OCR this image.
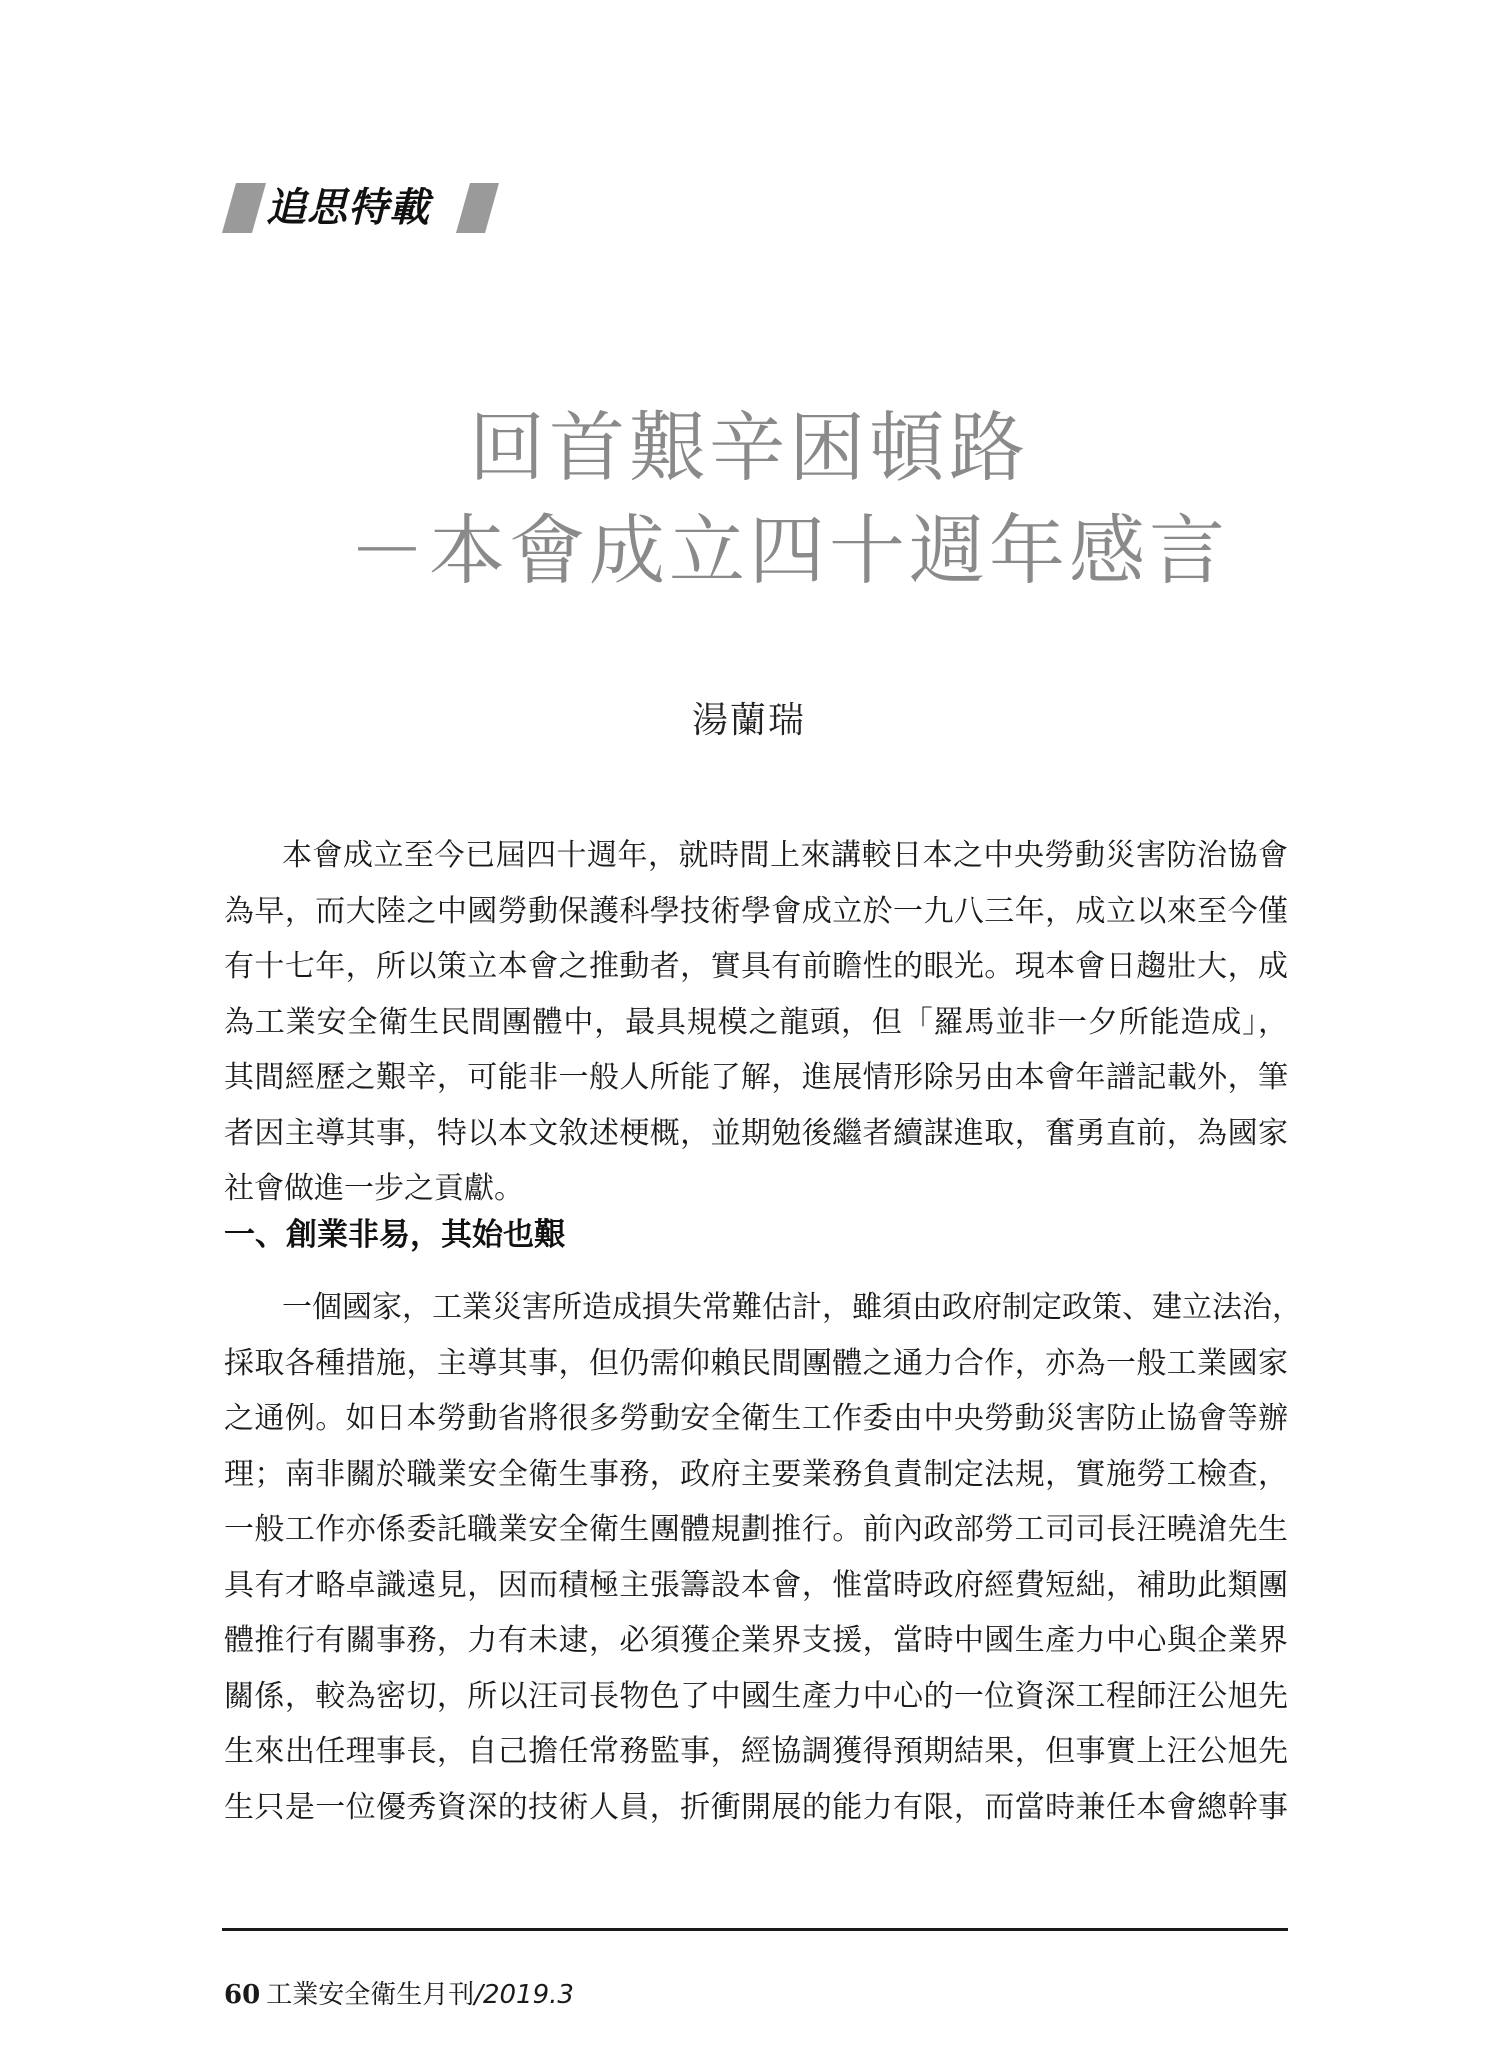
追思特載
回首艱辛困頓路
－本會成立四十週年感言
湯蘭瑞
本會成立至今已屆四十週年，就時間上來講較日本之中央勞動災害防治協會
為早，而大陸之中國勞動保護科學技術學會成立於一九八三年，成立以來至今僅
有十七年，所以策立本會之推動者，實具有前瞻性的眼光。現本會日趨壯大，成
為工業安全衛生民間團體中，最具規模之龍頭，但「羅馬並非一夕所能造成」，
其間經歷之艱辛，可能非一般人所能了解，進展情形除另由本會年譜記載外，筆
者因主導其事，特以本文敘述梗概，並期勉後繼者續謀進取，奮勇直前，為國家
社會做進一步之貢獻。
一、創業非易，其始也艱
一個國家，工業災害所造成損失常難估計，雖須由政府制定政策、建立法治，
採取各種措施，主導其事，但仍需仰賴民間團體之通力合作，亦為一般工業國家
之通例。如日本勞動省將很多勞動安全衛生工作委由中央勞動災害防止協會等辦
理；南非關於職業安全衛生事務，政府主要業務負責制定法規，實施勞工檢查，
一般工作亦係委託職業安全衛生團體規劃推行。前內政部勞工司司長汪曉滄先生
具有才略卓識遠見，因而積極主張籌設本會，惟當時政府經費短絀，補助此類團
體推行有關事務，力有未逮，必須獲企業界支援，當時中國生產力中心與企業界
關係，較為密切，所以汪司長物色了中國生產力中心的一位資深工程師汪公旭先
生來出任理事長，自己擔任常務監事，經協調獲得預期結果，但事實上汪公旭先
生只是一位優秀資深的技術人員，折衝開展的能力有限，而當時兼任本會總幹事
60 工業安全衛生月刊/2019.3
